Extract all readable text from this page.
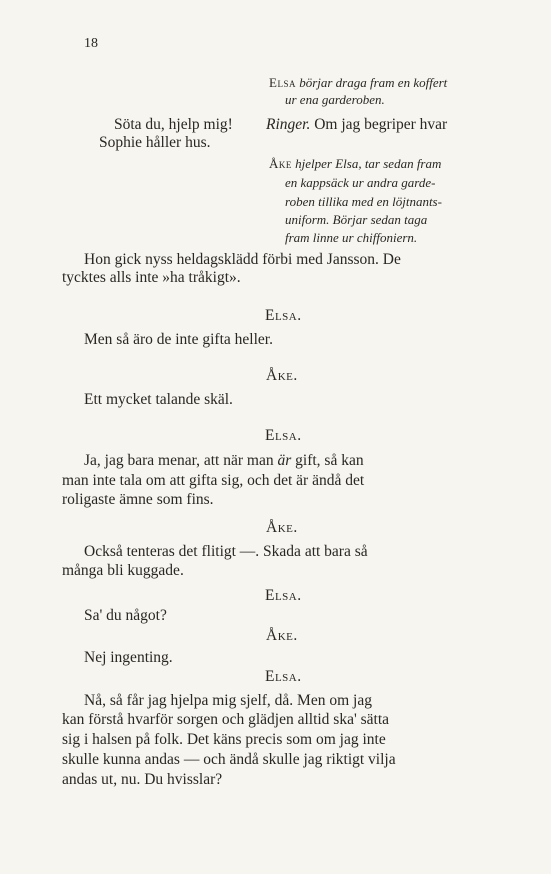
18
Elsa börjar draga fram en koffert
ur ena garderoben.
Söta du, hjelp mig!
Sophie håller hus.
Ringer. Om jag begriper hvar
Åke hjelper Elsa, tar sedan fram
en kappsäck ur andra garde-
roben tillika med en löjtnants-
uniform. Börjar sedan taga
fram linne ur chiffoniern.
Hon gick nyss heldagsklädd förbi med Jansson. De
tycktes alls inte »ha tråkigt».
Elsa.
Men så äro de inte gifta heller.
Åke.
Ett mycket talande skäl.
Elsa.
Ja, jag bara menar, att när man är gift, så kan
man inte tala om att gifta sig, och det är ändå det
roligaste ämne som fins.
Åke.
Också tenteras det flitigt —. Skada att bara så
många bli kuggade.
Elsa.
Sa' du något?
Åke.
Nej ingenting.
Elsa.
Nå, så får jag hjelpa mig sjelf, då. Men om jag
kan förstå hvarför sorgen och glädjen alltid ska' sätta
sig i halsen på folk. Det käns precis som om jag inte
skulle kunna andas — och ändå skulle jag riktigt vilja
andas ut, nu. Du hvisslar?
